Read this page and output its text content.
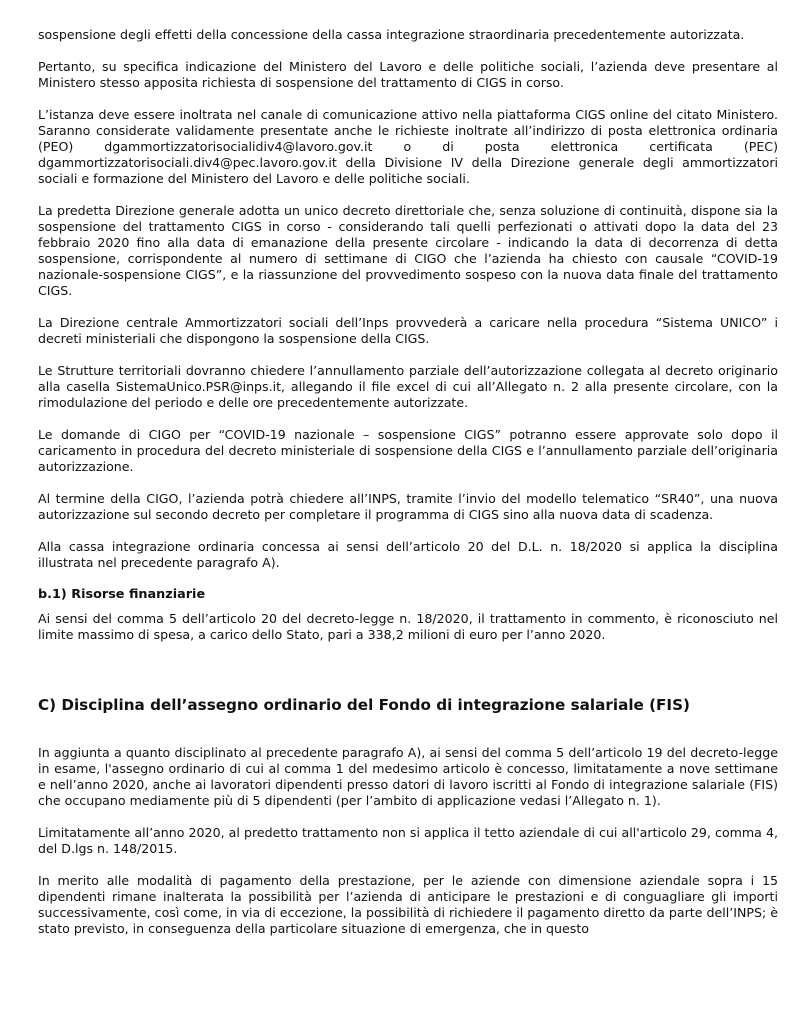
sospensione degli effetti della concessione della cassa integrazione straordinaria precedentemente autorizzata.

Pertanto, su specifica indicazione del Ministero del Lavoro e delle politiche sociali, l’azienda deve presentare al Ministero stesso apposita richiesta di sospensione del trattamento di CIGS in corso.

L’istanza deve essere inoltrata nel canale di comunicazione attivo nella piattaforma CIGS online del citato Ministero. Saranno considerate validamente presentate anche le richieste inoltrate all’indirizzo di posta elettronica ordinaria (PEO) dgammortizzatorisocialidiv4@lavoro.gov.it o di posta elettronica certificata (PEC) dgammortizzatorisociali.div4@pec.lavoro.gov.it della Divisione IV della Direzione generale degli ammortizzatori sociali e formazione del Ministero del Lavoro e delle politiche sociali.

La predetta Direzione generale adotta un unico decreto direttoriale che, senza soluzione di continuità, dispone sia la sospensione del trattamento CIGS in corso - considerando tali quelli perfezionati o attivati dopo la data del 23 febbraio 2020 fino alla data di emanazione della presente circolare - indicando la data di decorrenza di detta sospensione, corrispondente al numero di settimane di CIGO che l’azienda ha chiesto con causale “COVID-19 nazionale-sospensione CIGS”, e la riassunzione del provvedimento sospeso con la nuova data finale del trattamento CIGS.

La Direzione centrale Ammortizzatori sociali dell’Inps provvederà a caricare nella procedura “Sistema UNICO” i decreti ministeriali che dispongono la sospensione della CIGS.

Le Strutture territoriali dovranno chiedere l’annullamento parziale dell’autorizzazione collegata al decreto originario alla casella SistemaUnico.PSR@inps.it, allegando il file excel di cui all’Allegato n. 2 alla presente circolare, con la rimodulazione del periodo e delle ore precedentemente autorizzate.

Le domande di CIGO per “COVID-19 nazionale – sospensione CIGS” potranno essere approvate solo dopo il caricamento in procedura del decreto ministeriale di sospensione della CIGS e l’annullamento parziale dell’originaria autorizzazione.

Al termine della CIGO, l’azienda potrà chiedere all’INPS, tramite l’invio del modello telematico “SR40”, una nuova autorizzazione sul secondo decreto per completare il programma di CIGS sino alla nuova data di scadenza.

Alla cassa integrazione ordinaria concessa ai sensi dell’articolo 20 del D.L. n. 18/2020 si applica la disciplina illustrata nel precedente paragrafo A).

b.1) Risorse finanziarie

Ai sensi del comma 5 dell’articolo 20 del decreto-legge n. 18/2020, il trattamento in commento, è riconosciuto nel limite massimo di spesa, a carico dello Stato, pari a 338,2 milioni di euro per l’anno 2020.

C) Disciplina dell’assegno ordinario del Fondo di integrazione salariale (FIS)

In aggiunta a quanto disciplinato al precedente paragrafo A), ai sensi del comma 5 dell’articolo 19 del decreto-legge in esame, l'assegno ordinario di cui al comma 1 del medesimo articolo è concesso, limitatamente a nove settimane e nell’anno 2020, anche ai lavoratori dipendenti presso datori di lavoro iscritti al Fondo di integrazione salariale (FIS) che occupano mediamente più di 5 dipendenti (per l’ambito di applicazione vedasi l’Allegato n. 1).

Limitatamente all’anno 2020, al predetto trattamento non si applica il tetto aziendale di cui all'articolo 29, comma 4, del D.lgs n. 148/2015.

In merito alle modalità di pagamento della prestazione, per le aziende con dimensione aziendale sopra i 15 dipendenti rimane inalterata la possibilità per l’azienda di anticipare le prestazioni e di conguagliare gli importi successivamente, così come, in via di eccezione, la possibilità di richiedere il pagamento diretto da parte dell’INPS; è stato previsto, in conseguenza della particolare situazione di emergenza, che in questo
